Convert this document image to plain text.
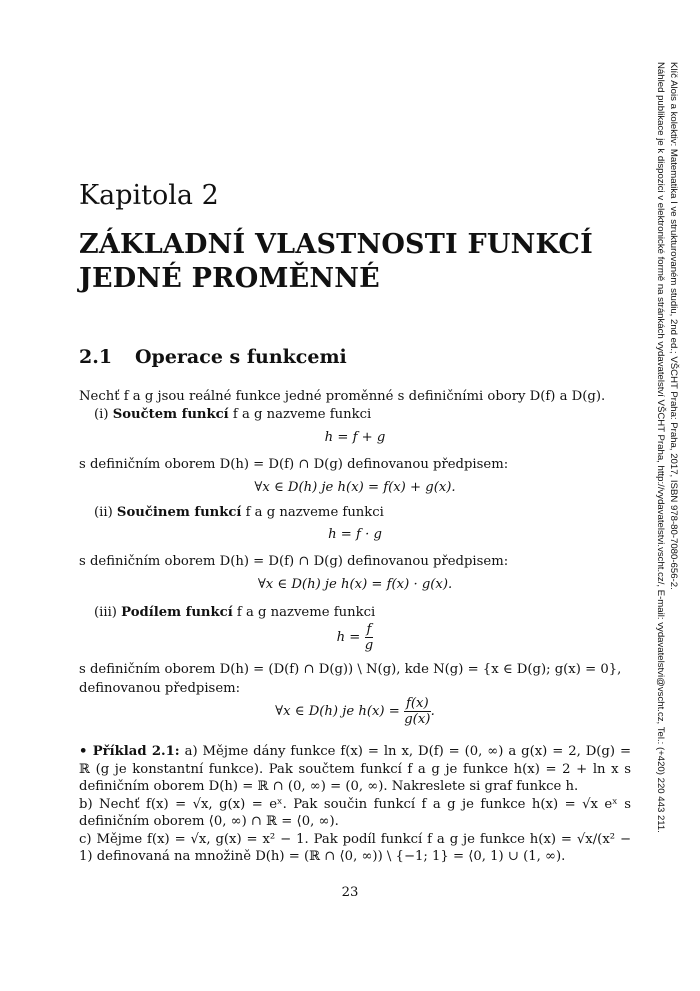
Kapitola 2
ZÁKLADNÍ VLASTNOSTI FUNKCÍ
JEDNÉ PROMĚNNÉ
2.1 Operace s funkcemi
Nechť f a g jsou reálné funkce jedné proměnné s definičními obory D(f) a D(g).
(i) Součtem funkcí f a g nazveme funkci
h = f + g
s definičním oborem D(h) = D(f) ∩ D(g) definovanou předpisem:
∀x ∈ D(h) je h(x) = f(x) + g(x).
(ii) Součinem funkcí f a g nazveme funkci
h = f · g
s definičním oborem D(h) = D(f) ∩ D(g) definovanou předpisem:
∀x ∈ D(h) je h(x) = f(x) · g(x).
(iii) Podílem funkcí f a g nazveme funkci
$h = \frac{f}{g}$
s definičním oborem D(h) = (D(f) ∩ D(g)) \ N(g), kde N(g) = {x ∈ D(g); g(x) = 0},
definovanou předpisem:
∀x ∈ D(h) je $h(x) = \frac{f(x)}{g(x)}$ .
• Příklad 2.1: a) Mějme dány funkce f(x) = ln x, D(f) = (0, ∞) a g(x) = 2, D(g) = ℝ (g je konstantní funkce). Pak součtem funkcí f a g je funkce h(x) = 2 + ln x s definičním oborem D(h) = ℝ ∩ (0, ∞) = (0, ∞). Nakreslete si graf funkce h.
b) Nechť f(x) = √x, g(x) = eˣ. Pak součin funkcí f a g je funkce h(x) = √x eˣ s definičním oborem ⟨0, ∞) ∩ ℝ = ⟨0, ∞).
c) Mějme f(x) = √x, g(x) = x² − 1. Pak podíl funkcí f a g je funkce h(x) = √x/(x² − 1) definovaná na množině D(h) = (ℝ ∩ ⟨0, ∞)) \ {−1; 1} = ⟨0, 1) ∪ (1, ∞).
23
Klíč Alois a kolektiv: Matematika I ve strukturovaném studiu, 2nd ed.; VŠCHT Praha: Praha, 2017, ISBN 978-80-7080-656-2.
Náhled publikace je k dispozici v elektronické formě na stránkách vydavatelství VŠCHT Praha, http://vydavatelstvi.vscht.cz/, E-mail: vydavatelstvi@vscht.cz, Tel.: (+420) 220 443 211.
